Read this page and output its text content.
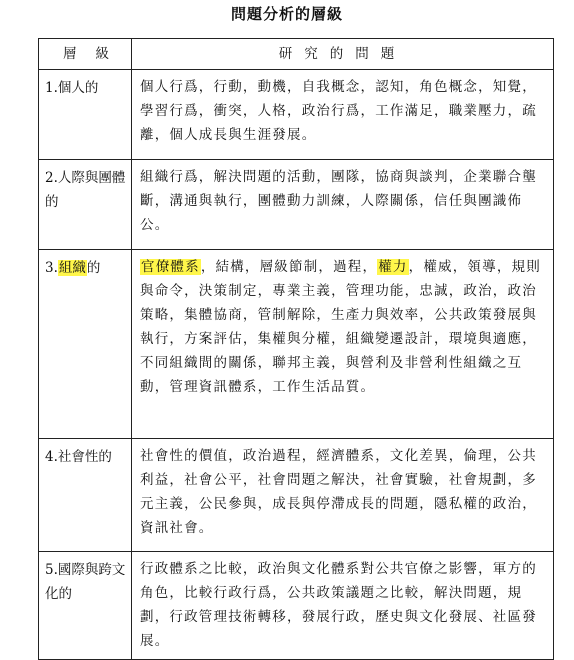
問題分析的層級
層 級	研究的問題

1.個人的	個人行爲，行動，動機，自我概念，認知，角色概念，知覺，學習行爲，衝突，人格，政治行爲，工作滿足，職業壓力，疏離，個人成長與生涯發展。
2.人際與團體的	組織行爲，解決問題的活動，團隊，協商與談判，企業聯合壟斷，溝通與執行，團體動力訓練，人際關係，信任與團識佈公。
3.組織的	官僚體系，結構，層級節制，過程，權力，權威，領導，規則與命令，決策制定，專業主義，管理功能，忠誠，政治，政治策略，集體協商，管制解除，生產力與效率，公共政策發展與執行，方案評估，集權與分權，組織變遷設計，環境與適應，不同組織間的關係，聯邦主義，與營利及非營利性組織之互動，管理資訊體系，工作生活品質。
4.社會性的	社會性的價值，政治過程，經濟體系，文化差異，倫理，公共利益，社會公平，社會問題之解決，社會實驗，社會規劃，多元主義，公民參與，成長與停滯成長的問題，隱私權的政治，資訊社會。
5.國際與跨文化的	行政體系之比較，政治與文化體系對公共官僚之影響，軍方的角色，比較行政行爲，公共政策議題之比較，解決問題，規劃，行政管理技術轉移，發展行政，歷史與文化發展、社區發展。
